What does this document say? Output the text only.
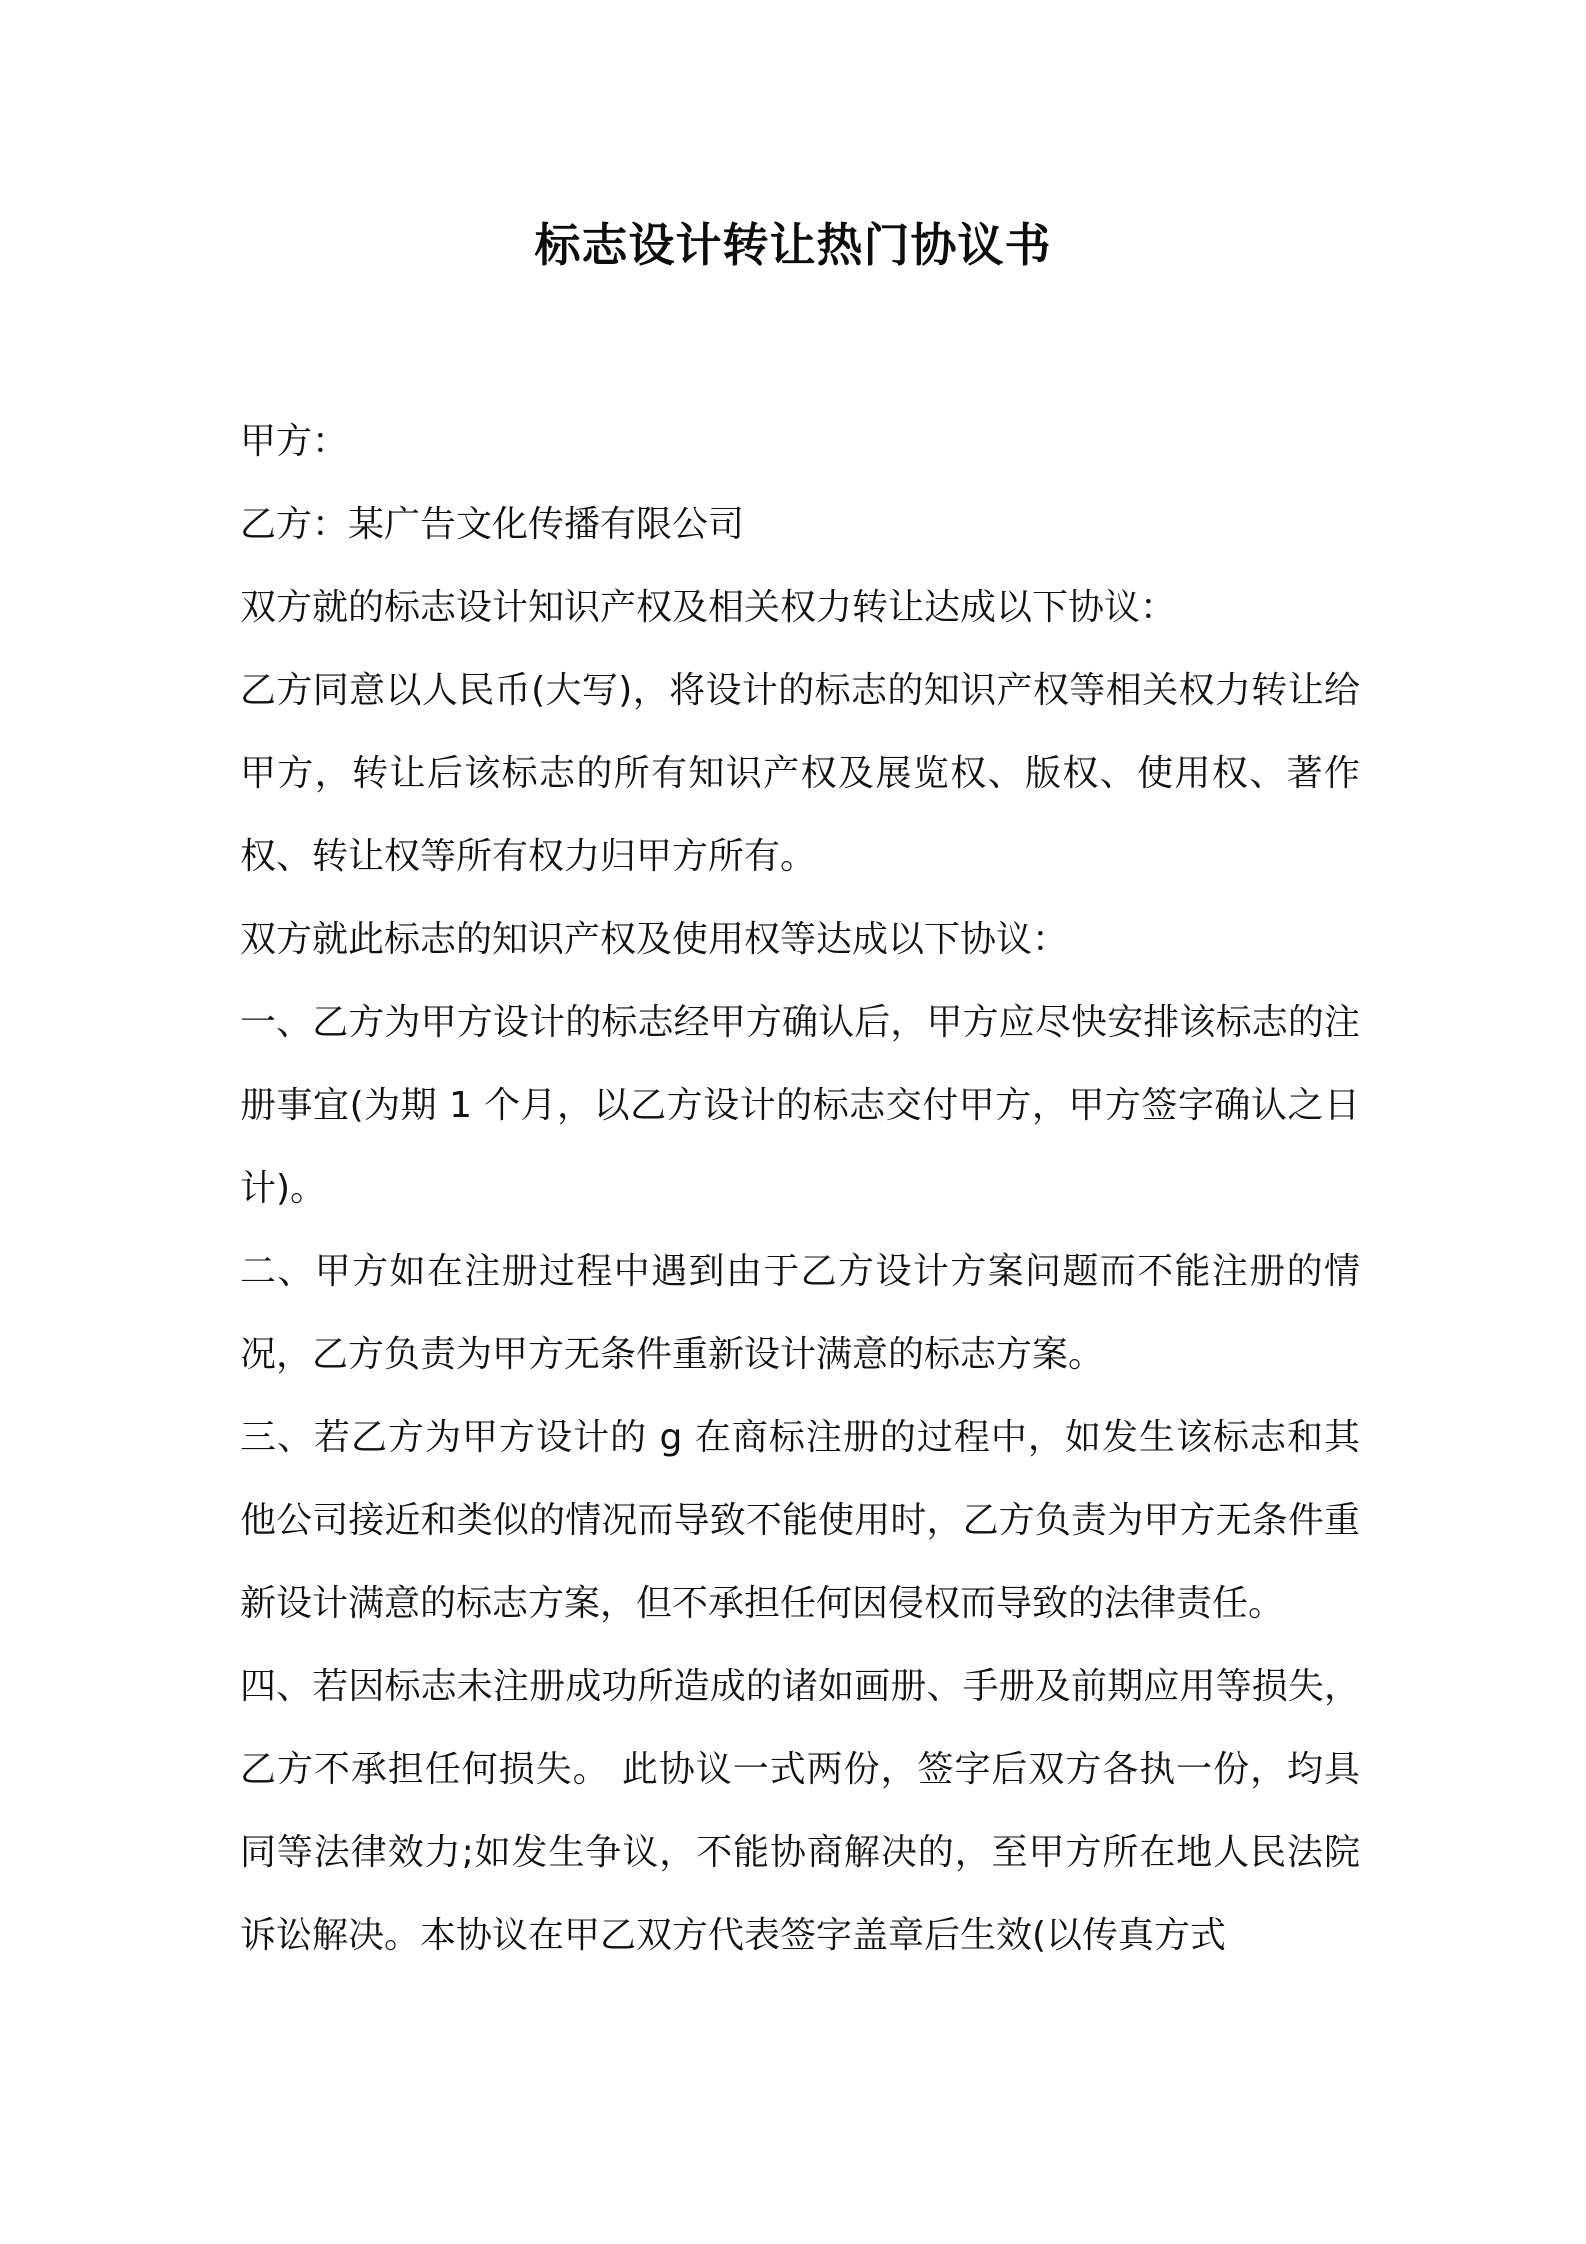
标志设计转让热门协议书

甲方：

乙方：某广告文化传播有限公司

双方就的标志设计知识产权及相关权力转让达成以下协议：

乙方同意以人民币(大写)，将设计的标志的知识产权等相关权力转让给甲方，转让后该标志的所有知识产权及展览权、版权、使用权、著作权、转让权等所有权力归甲方所有。

双方就此标志的知识产权及使用权等达成以下协议：

一、乙方为甲方设计的标志经甲方确认后，甲方应尽快安排该标志的注册事宜(为期 1 个月，以乙方设计的标志交付甲方，甲方签字确认之日计)。

二、甲方如在注册过程中遇到由于乙方设计方案问题而不能注册的情况，乙方负责为甲方无条件重新设计满意的标志方案。

三、若乙方为甲方设计的 g 在商标注册的过程中，如发生该标志和其他公司接近和类似的情况而导致不能使用时，乙方负责为甲方无条件重新设计满意的标志方案，但不承担任何因侵权而导致的法律责任。

四、若因标志未注册成功所造成的诸如画册、手册及前期应用等损失，乙方不承担任何损失。 此协议一式两份，签字后双方各执一份，均具同等法律效力;如发生争议，不能协商解决的，至甲方所在地人民法院诉讼解决。本协议在甲乙双方代表签字盖章后生效(以传真方式
